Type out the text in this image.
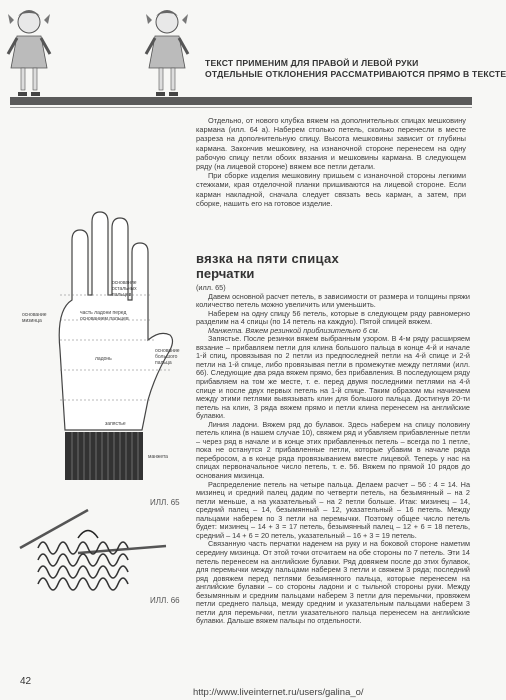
ТЕКСТ ПРИМЕНИМ ДЛЯ ПРАВОЙ И ЛЕВОЙ РУКИ
ОТДЕЛЬНЫЕ ОТКЛОНЕНИЯ РАССМАТРИВАЮТСЯ ПРЯМО В ТЕКСТЕ

Отдельно, от нового клубка вяжем на дополнительных спицах мешковину кармана (илл. 64 а). Наберем столько петель, сколько перенесли в месте разреза на дополнительную спицу. Высота мешковины зависит от глубины кармана. Закончив мешковину, на изнаночной стороне перенесем на одну рабочую спицу петли обоих вязания и мешковины кармана. В следующем ряду (на лицевой стороне) вяжем все петли детали.

При сборке изделия мешковину пришьем с изнаночной стороны легкими стежками, края отделочной планки пришиваются на лицевой стороне. Если карман накладной, сначала следует связать весь карман, а затем, при сборке, нашить его на готовое изделие.

вязка на пяти спицах
перчатки

(илл. 65)

Давем основной расчет петель, в зависимости от размера и толщины пряжи количество петель можно увеличить или уменьшить.

Наберем на одну спицу 56 петель, которые в следующем ряду равномерно разделим на 4 спицы (по 14 петель на каждую). Пятой спицей вяжем.

Манжета. Вяжем резинкой приблизительно 6 см.

Запястье. После резинки вяжем выбранным узором. В 4-м ряду расширяем вязание – прибавляем петли для клина большого пальца в конце 4-й и начале 1-й спиц, провязывая по 2 петли из предпоследней петли на 4-й спице и 2-й петли на 1-й спице, либо провязывая петли в промежутке между петлями (илл. 66). Следующие два ряда вяжем прямо, без прибавления. В последующем ряду прибавляем на том же месте, т. е. перед двумя последними петлями на 4-й спице и после двух первых петель на 1-й спице. Таким образом мы начинаем между этими петлями вывязывать клин для большого пальца. Достигнув 20-ти петель на клин, 3 ряда вяжем прямо и петли клина перенесем на английские булавки.

Линия ладони. Вяжем ряд до булавок. Здесь наберем на спицу половину петель клина (в нашем случае 10), свяжем ряд и убавляем прибавленные петли – через ряд в начале и в конце этих прибавленных петель – всегда по 1 петле, пока не останутся 2 прибавленные петли, которые убавим в начале ряда перебросом, а в конце ряда провязыванием вместе лицевой. Теперь у нас на спицах первоначальное число петель, т. е. 56. Вяжем по прямой 10 рядов до основания мизинца.

Распределение петель на четыре пальца. Делаем расчет – 56 : 4 = 14. На мизинец и средний палец дадим по четверти петель, на безымянный – на 2 петли меньше, а на указательный – на 2 петли больше. Итак: мизинец – 14, средний палец – 14, безымянный – 12, указательный – 16 петель. Между пальцами наберем по 3 петли на перемычки. Поэтому общее число петель будет: мизинец – 14 + 3 = 17 петель, безымянный палец – 12 + 6 = 18 петель, средний – 14 + 6 = 20 петель, указательный – 16 + 3 = 19 петель.

Связанную часть перчатки наденем на руку и на боковой стороне наметим середину мизинца. От этой точки отсчитаем на обе стороны по 7 петель. Эти 14 петель перенесем на английские булавки. Ряд довяжем после до этих булавок, для перемычки между пальцами наберем 3 петли и свяжем 3 ряда; последний ряд довяжем перед петлями безымянного пальца, которые перенесем на английские булавки – со стороны ладони и с тыльной стороны руки. Между безымянным и средним пальцами наберем 3 петли для перемычки, провяжем петли среднего пальца, между средним и указательным пальцами наберем 3 петли для перемычки, петли указательного пальца перенесем на английские булавки. Дальше вяжем пальцы по отдельности.

основание
остальных
пальцев
часть ладони перед
основанием пальцев
основание
мизинца
основание
большого
пальца
ладонь
запястье
манжета
ИЛЛ. 65
ИЛЛ. 66
42
http://www.liveinternet.ru/users/galina_o/
